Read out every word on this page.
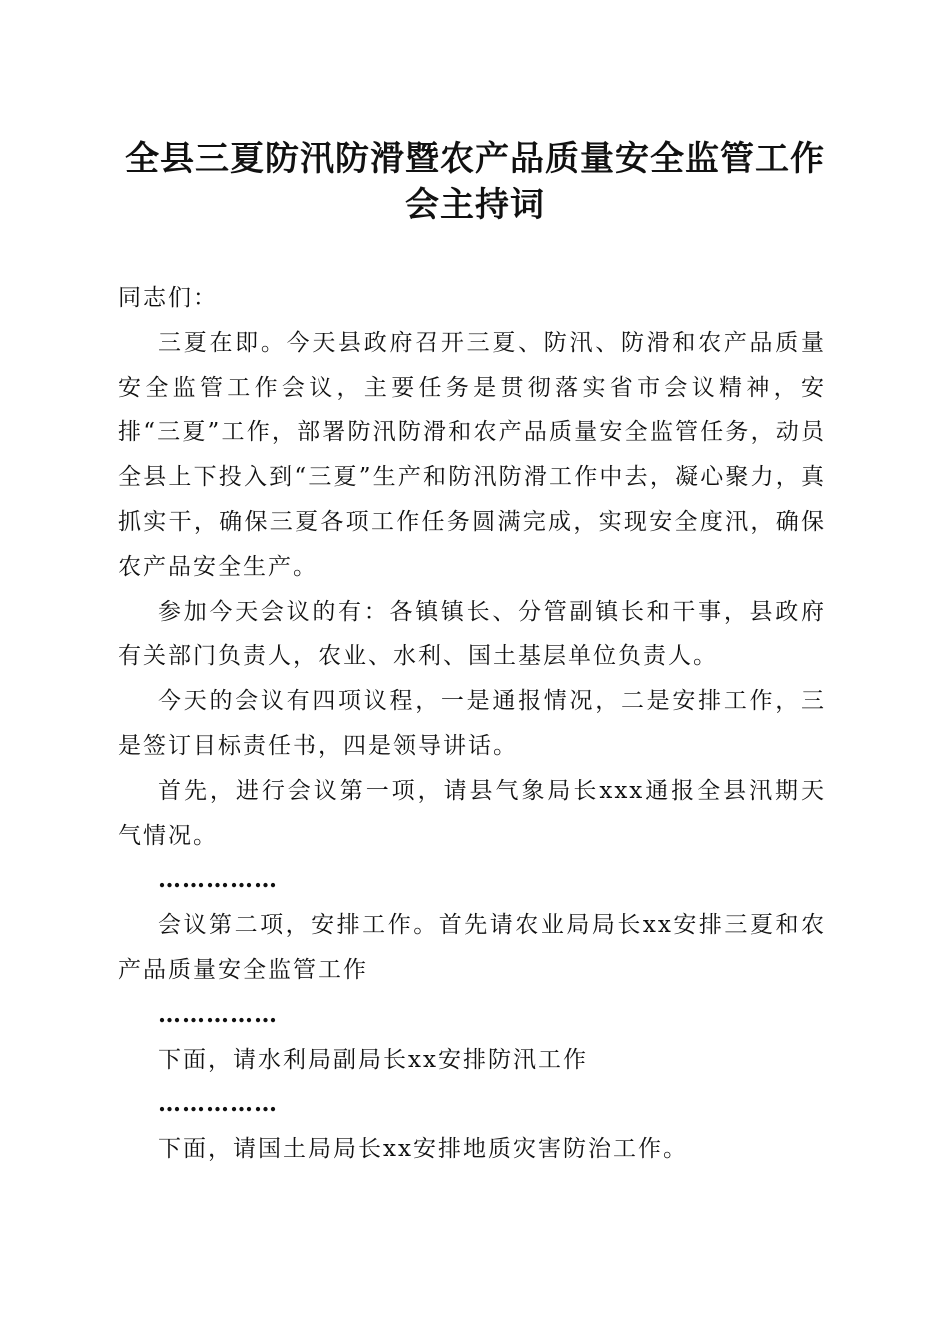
全县三夏防汛防滑暨农产品质量安全监管工作
会主持词

同志们：

三夏在即。今天县政府召开三夏、防汛、防滑和农产品质量安全监管工作会议，主要任务是贯彻落实省市会议精神，安排“三夏”工作，部署防汛防滑和农产品质量安全监管任务，动员全县上下投入到“三夏”生产和防汛防滑工作中去，凝心聚力，真抓实干，确保三夏各项工作任务圆满完成，实现安全度汛，确保农产品安全生产。

参加今天会议的有：各镇镇长、分管副镇长和干事，县政府有关部门负责人，农业、水利、国土基层单位负责人。

今天的会议有四项议程，一是通报情况，二是安排工作，三是签订目标责任书，四是领导讲话。

首先，进行会议第一项，请县气象局长xxx通报全县汛期天气情况。

……………

会议第二项，安排工作。首先请农业局局长xx安排三夏和农产品质量安全监管工作

……………

下面，请水利局副局长xx安排防汛工作

……………

下面，请国土局局长xx安排地质灾害防治工作。
